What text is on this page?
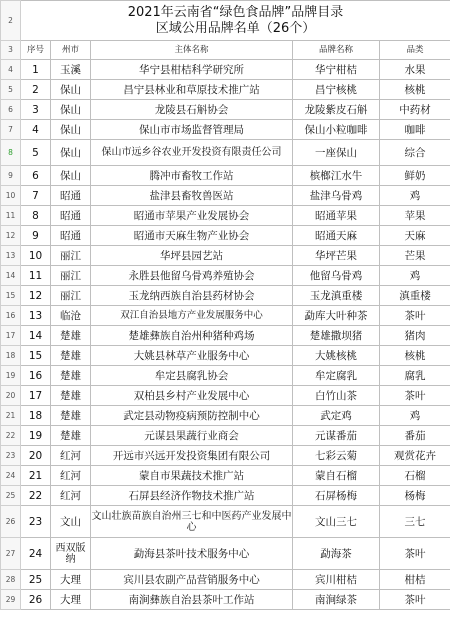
2	2021年云南省“绿色食品牌”品牌目录
区域公用品牌名单（26个）				

3	序号	州市	主体名称	品牌名称	品类
4	1	玉溪	华宁县柑桔科学研究所	华宁柑桔	水果
5	2	保山	昌宁县林业和草原技术推广站	昌宁核桃	核桃
6	3	保山	龙陵县石斛协会	龙陵紫皮石斛	中药材
7	4	保山	保山市市场监督管理局	保山小粒咖啡	咖啡
8	5	保山	保山市远乡谷农业开发投资有限责任公司	一座保山	综合
9	6	保山	腾冲市畜牧工作站	槟榔江水牛	鲜奶
10	7	昭通	盐津县畜牧兽医站	盐津乌骨鸡	鸡
11	8	昭通	昭通市苹果产业发展协会	昭通苹果	苹果
12	9	昭通	昭通市天麻生物产业协会	昭通天麻	天麻
13	10	丽江	华坪县园艺站	华坪芒果	芒果
14	11	丽江	永胜县他留乌骨鸡养殖协会	他留乌骨鸡	鸡
15	12	丽江	玉龙纳西族自治县药材协会	玉龙滇重楼	滇重楼
16	13	临沧	双江自治县地方产业发展服务中心	勐库大叶种茶	茶叶
17	14	楚雄	楚雄彝族自治州种猪种鸡场	楚雄撒坝猪	猪肉
18	15	楚雄	大姚县林草产业服务中心	大姚核桃	核桃
19	16	楚雄	牟定县腐乳协会	牟定腐乳	腐乳
20	17	楚雄	双柏县乡村产业发展中心	白竹山茶	茶叶
21	18	楚雄	武定县动物疫病预防控制中心	武定鸡	鸡
22	19	楚雄	元谋县果蔬行业商会	元谋番茄	番茄
23	20	红河	开远市兴远开发投资集团有限公司	七彩云菊	观赏花卉
24	21	红河	蒙自市果蔬技术推广站	蒙自石榴	石榴
25	22	红河	石屏县经济作物技术推广站	石屏杨梅	杨梅
26	23	文山	文山壮族苗族自治州三七和中医药产业发展中心	文山三七	三七
27	24	西双版纳	勐海县茶叶技术服务中心	勐海茶	茶叶
28	25	大理	宾川县农副产品营销服务中心	宾川柑桔	柑桔
29	26	大理	南涧彝族自治县茶叶工作站	南涧绿茶	茶叶
